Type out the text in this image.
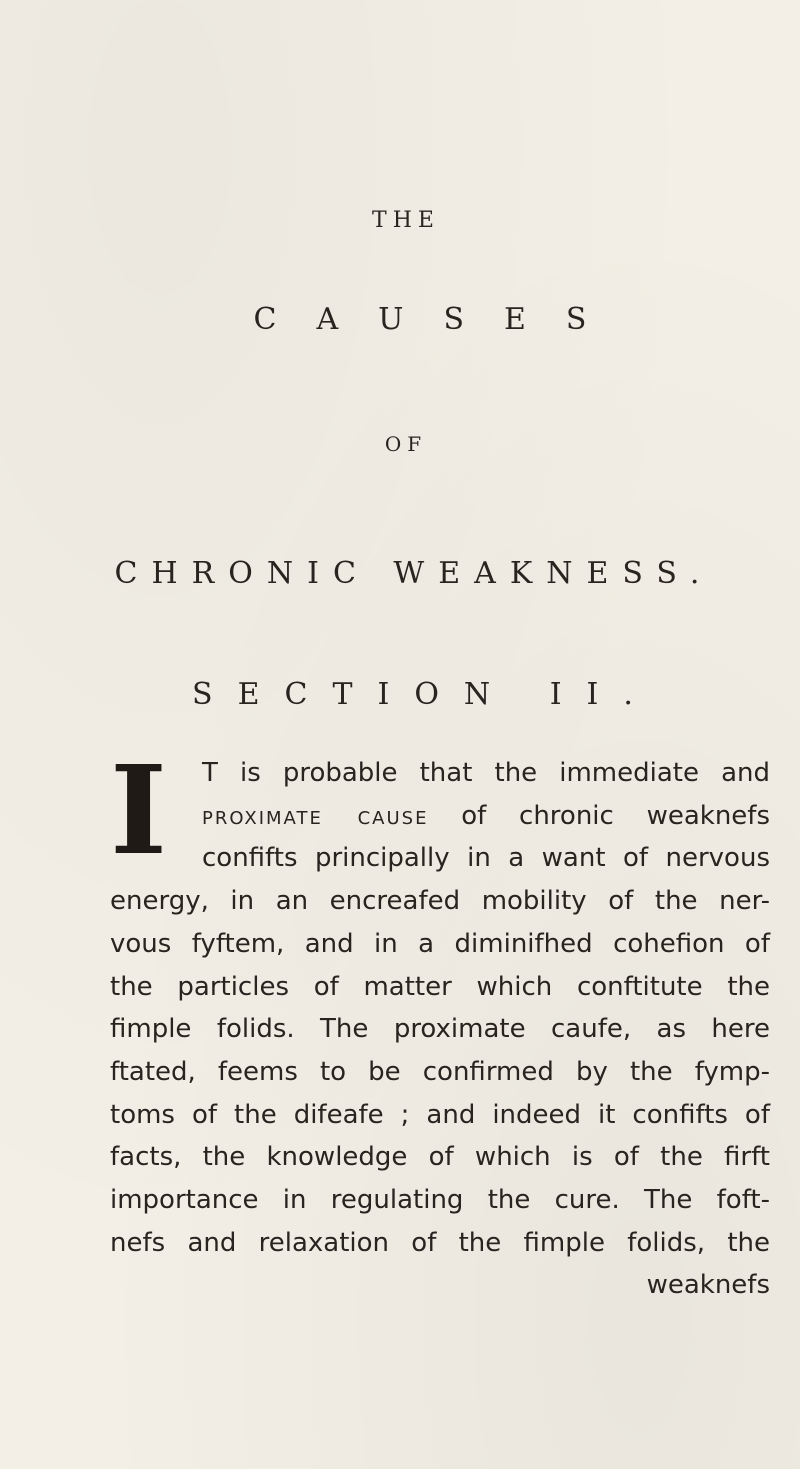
THE
CAUSES
OF
CHRONIC WEAKNESS.
SECTION II.
I	T is probable that the immediate and
proximate cause of chronic weaknefs
confifts principally in a want of nervous
energy, in an encreafed mobility of the ner-
vous fyftem, and in a diminifhed cohefion of
the particles of matter which conftitute the
fimple folids. The proximate caufe, as here
ftated, feems to be confirmed by the fymp-
toms of the difeafe ; and indeed it confifts of
facts, the knowledge of which is of the firft
importance in regulating the cure. The foft-
nefs and relaxation of the fimple folids, the
weaknefs
